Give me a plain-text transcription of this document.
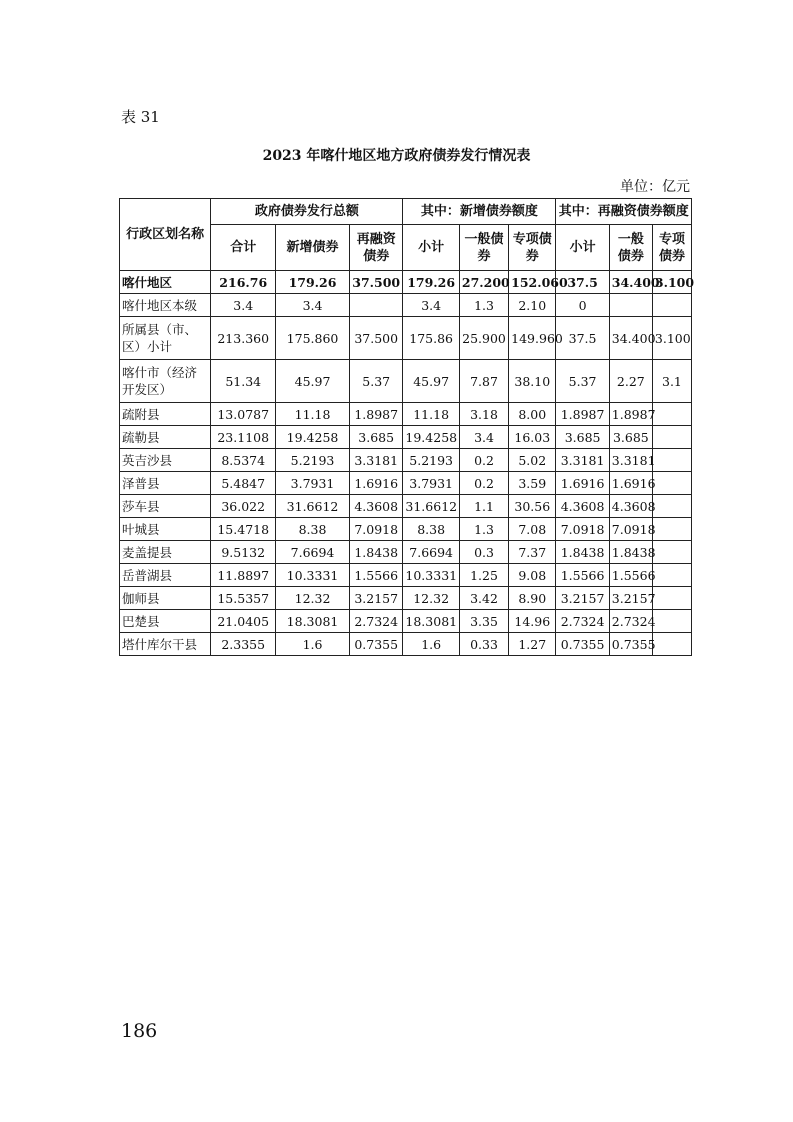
表 31
2023 年喀什地区地方政府债券发行情况表
单位：亿元
行政区划名称	政府债券发行总额			其中：新增债券额度			其中：再融资债券额度		
	合计	新增债券	再融资债券	小计	一般债券	专项债券	小计	一般债券	专项债券
喀什地区	216.76	179.26	37.500	179.26	27.200	152.060	37.5	34.400	3.100
喀什地区本级	3.4	3.4		3.4	1.3	2.10	0		
所属县（市、区）小计	213.360	175.860	37.500	175.86	25.900	149.960	37.5	34.400	3.100
喀什市（经济开发区）	51.34	45.97	5.37	45.97	7.87	38.10	5.37	2.27	3.1
疏附县	13.0787	11.18	1.8987	11.18	3.18	8.00	1.8987	1.8987	
疏勒县	23.1108	19.4258	3.685	19.4258	3.4	16.03	3.685	3.685	
英吉沙县	8.5374	5.2193	3.3181	5.2193	0.2	5.02	3.3181	3.3181	
泽普县	5.4847	3.7931	1.6916	3.7931	0.2	3.59	1.6916	1.6916	
莎车县	36.022	31.6612	4.3608	31.6612	1.1	30.56	4.3608	4.3608	
叶城县	15.4718	8.38	7.0918	8.38	1.3	7.08	7.0918	7.0918	
麦盖提县	9.5132	7.6694	1.8438	7.6694	0.3	7.37	1.8438	1.8438	
岳普湖县	11.8897	10.3331	1.5566	10.3331	1.25	9.08	1.5566	1.5566	
伽师县	15.5357	12.32	3.2157	12.32	3.42	8.90	3.2157	3.2157	
巴楚县	21.0405	18.3081	2.7324	18.3081	3.35	14.96	2.7324	2.7324	
塔什库尔干县	2.3355	1.6	0.7355	1.6	0.33	1.27	0.7355	0.7355	
186
